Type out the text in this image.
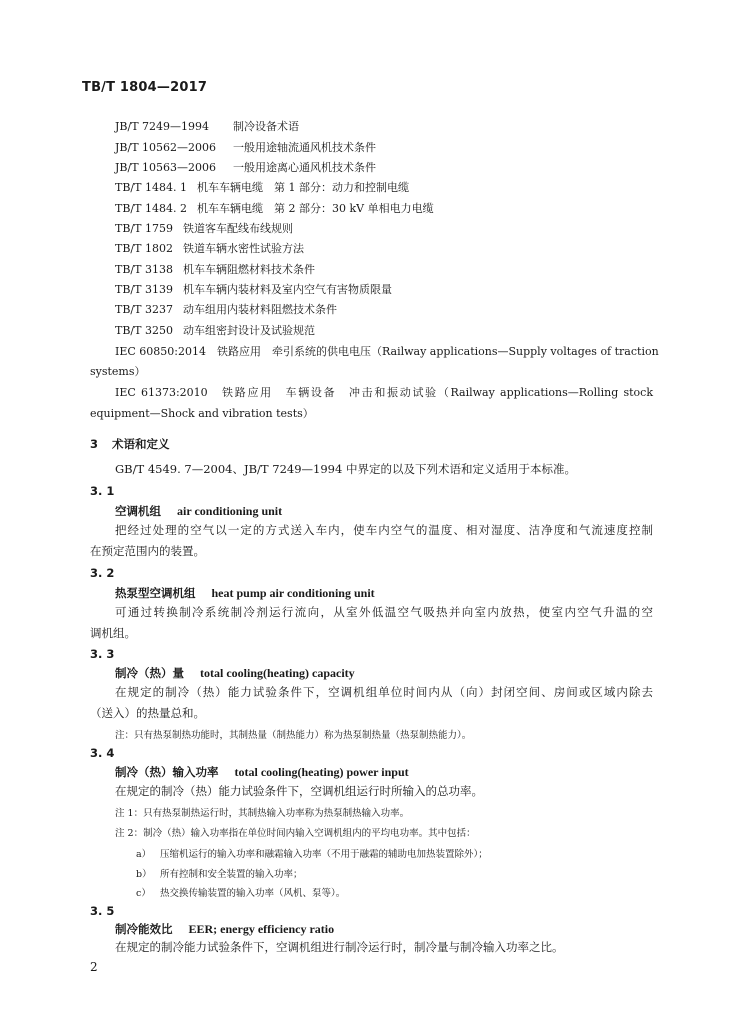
TB/T 1804—2017
JB/T 7249—1994 制冷设备术语
JB/T 10562—2006 一般用途轴流通风机技术条件
JB/T 10563—2006 一般用途离心通风机技术条件
TB/T 1484. 1 机车车辆电缆　第 1 部分：动力和控制电缆
TB/T 1484. 2 机车车辆电缆　第 2 部分：30 kV 单相电力电缆
TB/T 1759 铁道客车配线布线规则
TB/T 1802 铁道车辆水密性试验方法
TB/T 3138 机车车辆阻燃材料技术条件
TB/T 3139 机车车辆内装材料及室内空气有害物质限量
TB/T 3237 动车组用内装材料阻燃技术条件
TB/T 3250 动车组密封设计及试验规范
IEC 60850:2014　铁路应用　牵引系统的供电电压（Railway applications—Supply voltages of traction
systems）
IEC 61373:2010　铁路应用　车辆设备　冲击和振动试验（Railway applications—Rolling stock
equipment—Shock and vibration tests）
3 术语和定义
GB/T 4549. 7—2004、JB/T 7249—1994 中界定的以及下列术语和定义适用于本标准。
3. 1
空调机组 air conditioning unit
把经过处理的空气以一定的方式送入车内，使车内空气的温度、相对湿度、洁净度和气流速度控制
在预定范围内的装置。
3. 2
热泵型空调机组 heat pump air conditioning unit
可通过转换制冷系统制冷剂运行流向，从室外低温空气吸热并向室内放热，使室内空气升温的空
调机组。
3. 3
制冷（热）量 total cooling(heating) capacity
在规定的制冷（热）能力试验条件下，空调机组单位时间内从（向）封闭空间、房间或区域内除去
（送入）的热量总和。
注：只有热泵制热功能时，其制热量（制热能力）称为热泵制热量（热泵制热能力）。
3. 4
制冷（热）输入功率 total cooling(heating) power input
在规定的制冷（热）能力试验条件下，空调机组运行时所输入的总功率。
注 1：只有热泵制热运行时，其制热输入功率称为热泵制热输入功率。
注 2：制冷（热）输入功率指在单位时间内输入空调机组内的平均电功率。其中包括：
a） 压缩机运行的输入功率和融霜输入功率（不用于融霜的辅助电加热装置除外）；
b） 所有控制和安全装置的输入功率；
c） 热交换传输装置的输入功率（风机、泵等）。
3. 5
制冷能效比 EER; energy efficiency ratio
在规定的制冷能力试验条件下，空调机组进行制冷运行时，制冷量与制冷输入功率之比。
2
